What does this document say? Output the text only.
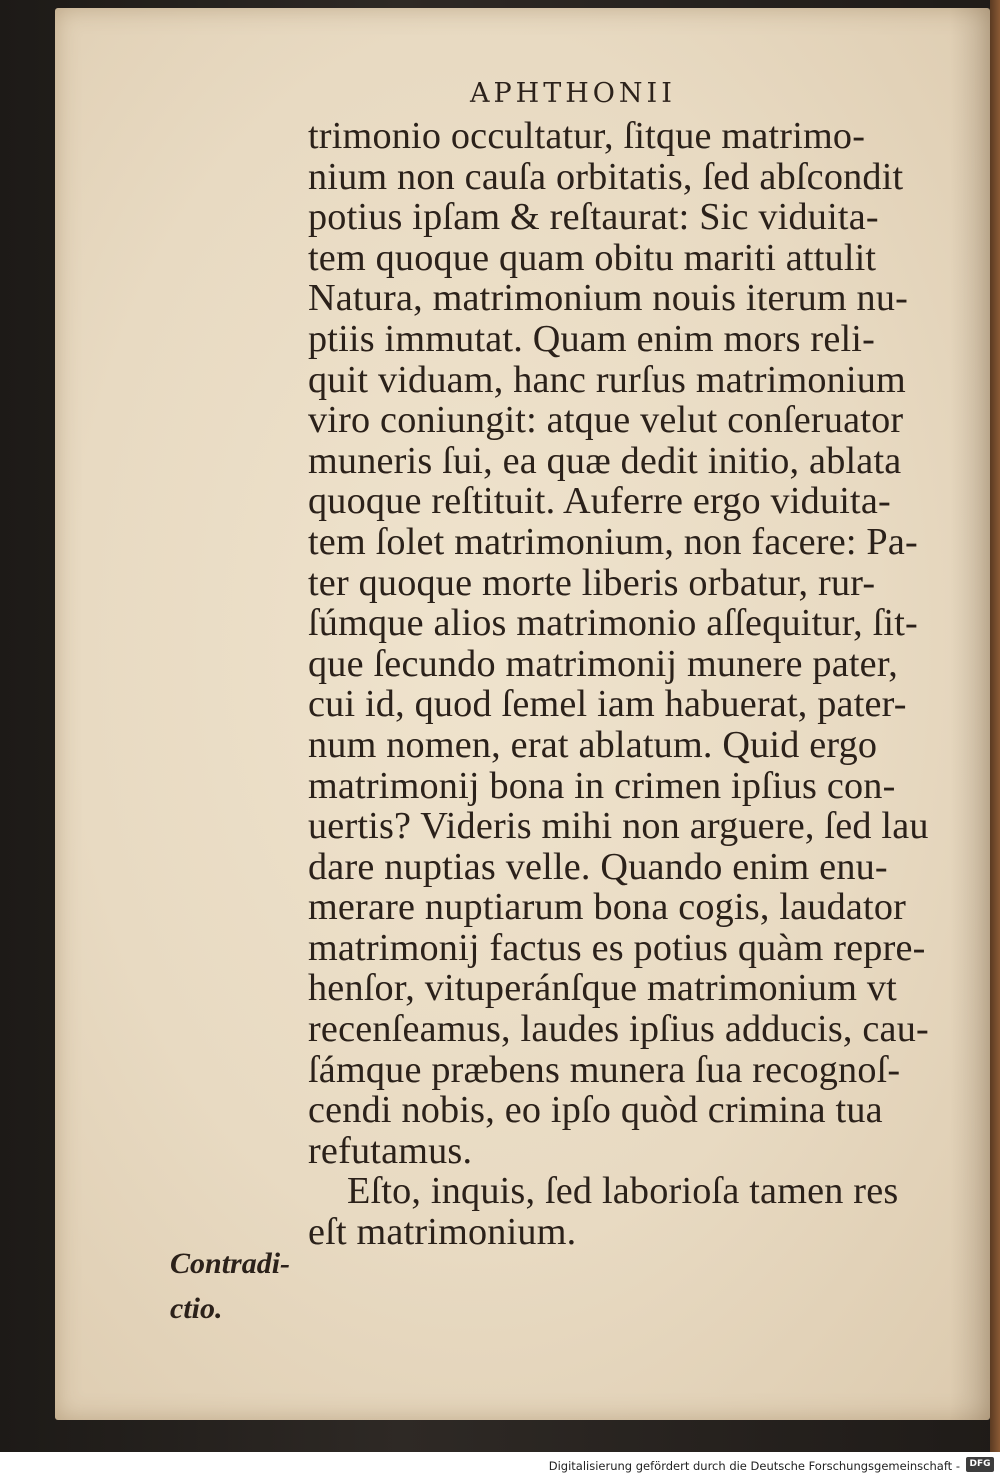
APHTHONII
trimonio occultatur, ſitque matrimo-
nium non cauſa orbitatis, ſed abſcondit
potius ipſam & reſtaurat: Sic viduita-
tem quoque quam obitu mariti attulit
Natura, matrimonium nouis iterum nu-
ptiis immutat. Quam enim mors reli-
quit viduam, hanc rurſus matrimonium
viro coniungit: atque velut conſeruator
muneris ſui, ea quæ dedit initio, ablata
quoque reſtituit. Auferre ergo viduita-
tem ſolet matrimonium, non facere: Pa-
ter quoque morte liberis orbatur, rur-
ſúmque alios matrimonio aſſequitur, ſit-
que ſecundo matrimonij munere pater,
cui id, quod ſemel iam habuerat, pater-
num nomen, erat ablatum. Quid ergo
matrimonij bona in crimen ipſius con-
uertis? Videris mihi non arguere, ſed lau
dare nuptias velle. Quando enim enu-
merare nuptiarum bona cogis, laudator
matrimonij factus es potius quàm repre-
henſor, vituperánſque matrimonium vt
recenſeamus, laudes ipſius adducis, cau-
ſámque præbens munera ſua recognoſ-
cendi nobis, eo ipſo quòd crimina tua
refutamus.
Eſto, inquis, ſed laborioſa tamen res
eſt matrimonium.
Contradi-
ctio.
Digitalisierung gefördert durch die Deutsche Forschungsgemeinschaft -	DFG
